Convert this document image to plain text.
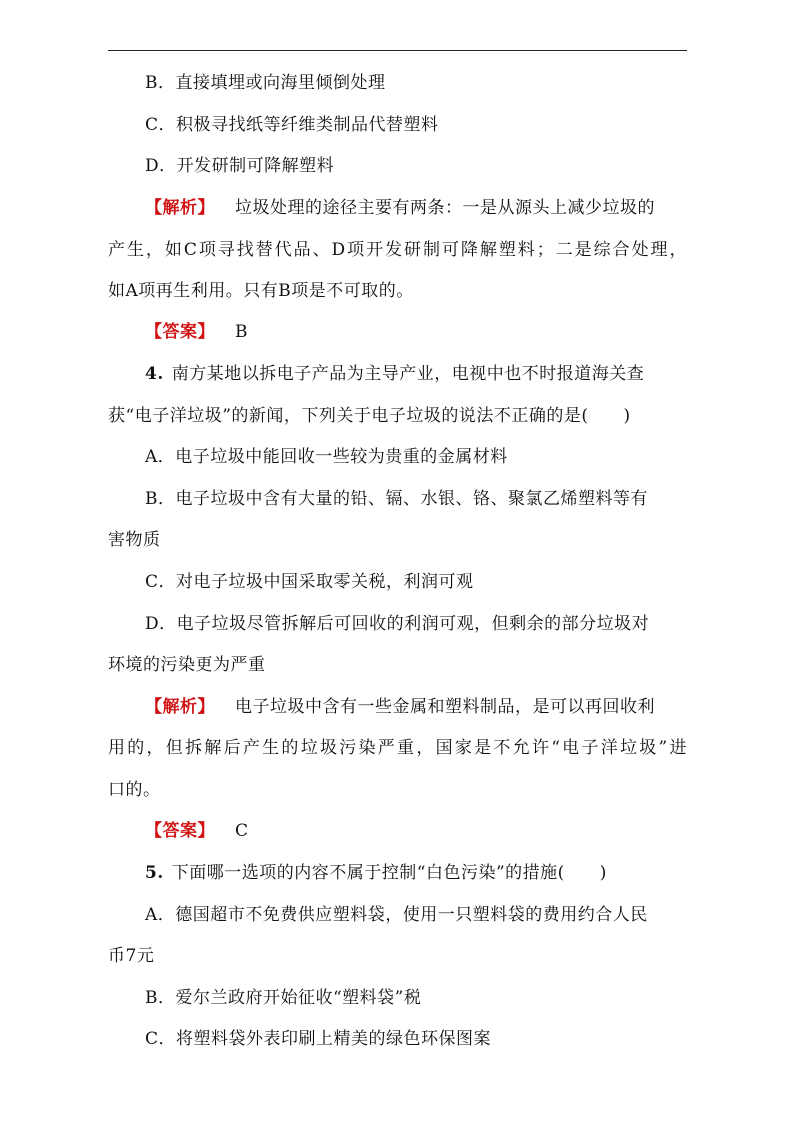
B．直接填埋或向海里倾倒处理
C．积极寻找纸等纤维类制品代替塑料
D．开发研制可降解塑料
【解析】 垃圾处理的途径主要有两条：一是从源头上减少垃圾的
产生，如C项寻找替代品、D项开发研制可降解塑料；二是综合处理，
如A项再生利用。只有B项是不可取的。
【答案】 B
4. 南方某地以拆电子产品为主导产业，电视中也不时报道海关查
获“电子洋垃圾”的新闻，下列关于电子垃圾的说法不正确的是(　　)
A．电子垃圾中能回收一些较为贵重的金属材料
B．电子垃圾中含有大量的铅、镉、水银、铬、聚氯乙烯塑料等有
害物质
C．对电子垃圾中国采取零关税，利润可观
D．电子垃圾尽管拆解后可回收的利润可观，但剩余的部分垃圾对
环境的污染更为严重
【解析】 电子垃圾中含有一些金属和塑料制品，是可以再回收利
用的，但拆解后产生的垃圾污染严重，国家是不允许“电子洋垃圾”进
口的。
【答案】 C
5. 下面哪一选项的内容不属于控制“白色污染”的措施(　　)
A．德国超市不免费供应塑料袋，使用一只塑料袋的费用约合人民
币7元
B．爱尔兰政府开始征收“塑料袋”税
C．将塑料袋外表印刷上精美的绿色环保图案
